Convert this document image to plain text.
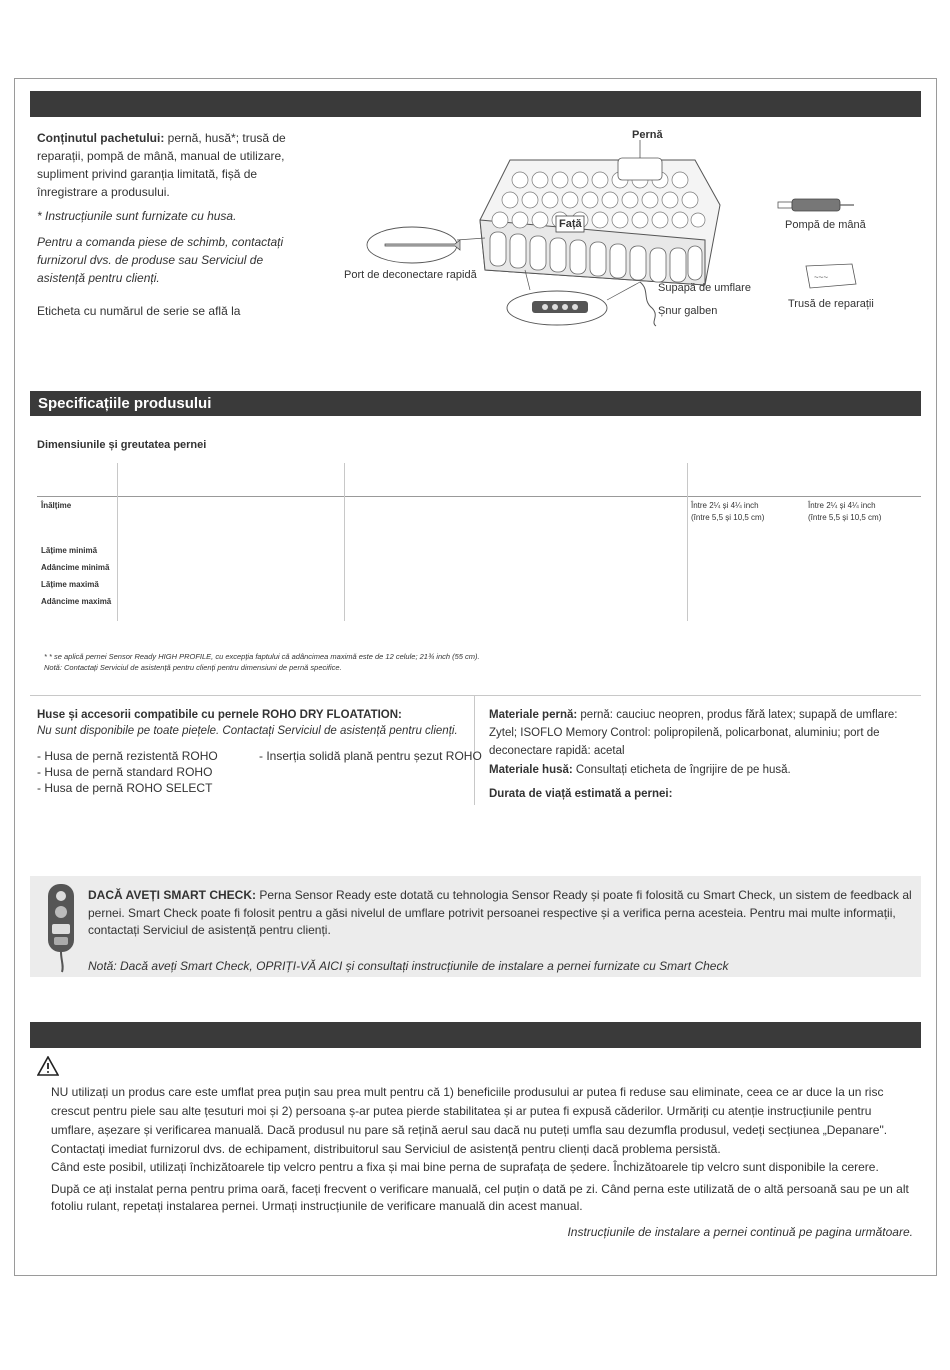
Conținutul pachetului: pernă, husă*; trusă de reparații, pompă de mână, manual de utilizare, supliment privind garanția limitată, fișă de înregistrare a produsului.
* Instrucțiunile sunt furnizate cu husa.
Pentru a comanda piese de schimb, contactați furnizorul dvs. de produse sau Serviciul de asistență pentru clienți.
Eticheta cu numărul de serie se află la
Pernă
Față
Port de deconectare rapidă
Supapă de umflare
Șnur galben
Pompă de mână
~~~
Trusă de reparații
Specificațiile produsului
Dimensiunile și greutatea pernei
Înălțime
Lățime minimă
Adâncime minimă
Lățime maximă
Adâncime maximă
Între 2¼ și 4¼ inch
(între 5,5 și 10,5 cm)
Între 2¼ și 4¼ inch
(între 5,5 și 10,5 cm)
* * se aplică pernei Sensor Ready HIGH PROFILE, cu excepția faptului că adâncimea maximă este de 12 celule; 21¾ inch (55 cm).
Notă: Contactați Serviciul de asistență pentru clienți pentru dimensiuni de pernă specifice.
Huse și accesorii compatibile cu pernele ROHO DRY FLOATATION:
Nu sunt disponibile pe toate piețele. Contactați Serviciul de asistență pentru clienți.
- Husa de pernă rezistentă ROHO
- Husa de pernă standard ROHO
- Husa de pernă ROHO SELECT
- Inserția solidă plană pentru șezut ROHO
Materiale pernă: pernă: cauciuc neopren, produs fără latex; supapă de umflare: Zytel; ISOFLO Memory Control: polipropilenă, policarbonat, aluminiu; port de deconectare rapidă: acetal
Materiale husă: Consultați eticheta de îngrijire de pe husă.
Durata de viață estimată a pernei:
DACĂ AVEȚI SMART CHECK: Perna Sensor Ready este dotată cu tehnologia Sensor Ready și poate fi folosită cu Smart Check, un sistem de feedback al pernei. Smart Check poate fi folosit pentru a găsi nivelul de umflare potrivit persoanei respective și a verifica perna acesteia. Pentru mai multe informații, contactați Serviciul de asistență pentru clienți.
Notă: Dacă aveți Smart Check, OPRIȚI-VĂ AICI și consultați instrucțiunile de instalare a pernei furnizate cu Smart Check
NU utilizați un produs care este umflat prea puțin sau prea mult pentru că 1) beneficiile produsului ar putea fi reduse sau eliminate, ceea ce ar duce la un risc crescut pentru piele sau alte țesuturi moi și 2) persoana ș-ar putea pierde stabilitatea și ar putea fi expusă căderilor. Urmăriți cu atenție instrucțiunile pentru umflare, așezare și verificarea manuală. Dacă produsul nu pare să rețină aerul sau dacă nu puteți umfla sau dezumfla produsul, vedeți secțiunea „Depanare". Contactați imediat furnizorul dvs. de echipament, distribuitorul sau Serviciul de asistență pentru clienți dacă problema persistă.
Când este posibil, utilizați închizătoarele tip velcro pentru a fixa și mai bine perna de suprafața de ședere. Închizătoarele tip velcro sunt disponibile la cerere.
După ce ați instalat perna pentru prima oară, faceți frecvent o verificare manuală, cel puțin o dată pe zi. Când perna este utilizată de o altă persoană sau pe un alt fotoliu rulant, repetați instalarea pernei. Urmați instrucțiunile de verificare manuală din acest manual.
Instrucțiunile de instalare a pernei continuă pe pagina următoare.
